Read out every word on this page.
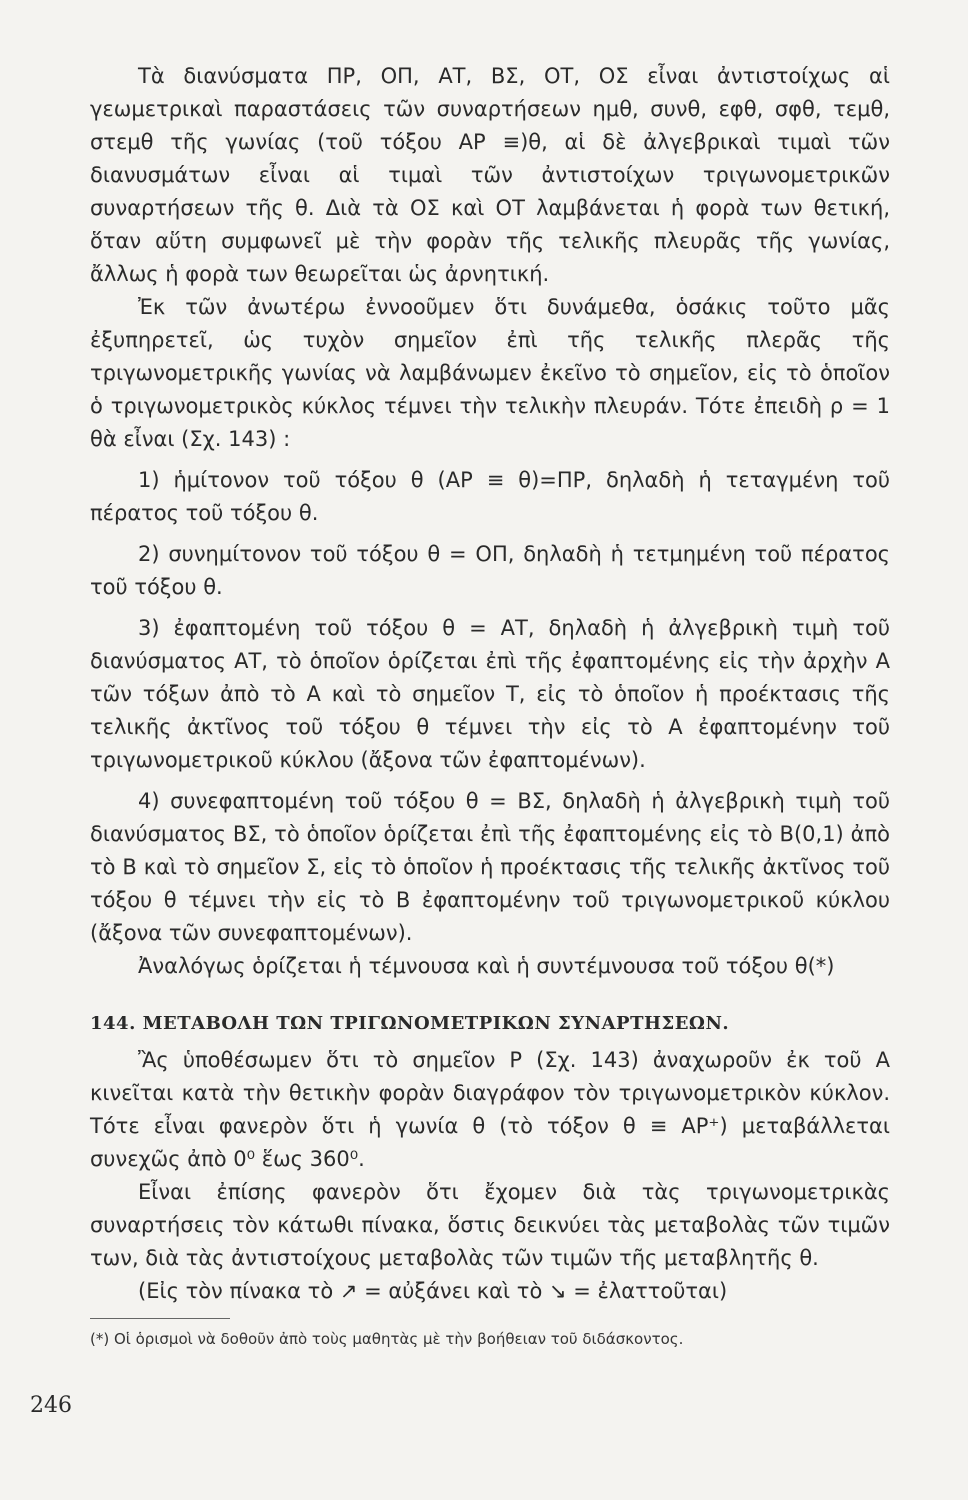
Τὰ διανύσματα ΠΡ, ΟΠ, ΑΤ, ΒΣ, ΟΤ, ΟΣ εἶναι ἀντιστοίχως αἱ γεωμετρικαὶ παραστάσεις τῶν συναρτήσεων ημθ, συνθ, εφθ, σφθ, τεμθ, στεμθ τῆς γωνίας (τοῦ τόξου ΑΡ ≡)θ, αἱ δὲ ἀλγεβρικαὶ τιμαὶ τῶν διανυσμάτων εἶναι αἱ τιμαὶ τῶν ἀντιστοίχων τριγωνομετρικῶν συναρτήσεων τῆς θ. Διὰ τὰ ΟΣ καὶ ΟΤ λαμβάνεται ἡ φορὰ των θετική, ὅταν αὕτη συμφωνεῖ μὲ τὴν φορὰν τῆς τελικῆς πλευρᾶς τῆς γωνίας, ἄλλως ἡ φορὰ των θεωρεῖται ὡς ἀρνητική.

Ἐκ τῶν ἀνωτέρω ἐννοοῦμεν ὅτι δυνάμεθα, ὁσάκις τοῦτο μᾶς ἐξυπηρετεῖ, ὡς τυχὸν σημεῖον ἐπὶ τῆς τελικῆς πλερᾶς τῆς τριγωνομετρικῆς γωνίας νὰ λαμβάνωμεν ἐκεῖνο τὸ σημεῖον, εἰς τὸ ὁποῖον ὁ τριγωνομετρικὸς κύκλος τέμνει τὴν τελικὴν πλευράν. Τότε ἐπειδὴ ρ = 1 θὰ εἶναι (Σχ. 143) :

1) ἡμίτονον τοῦ τόξου θ (ΑΡ ≡ θ)=ΠΡ, δηλαδὴ ἡ τεταγμένη τοῦ πέρατος τοῦ τόξου θ.

2) συνημίτονον τοῦ τόξου θ = ΟΠ, δηλαδὴ ἡ τετμημένη τοῦ πέρατος τοῦ τόξου θ.

3) ἐφαπτομένη τοῦ τόξου θ = ΑΤ, δηλαδὴ ἡ ἀλγεβρικὴ τιμὴ τοῦ διανύσματος ΑΤ, τὸ ὁποῖον ὁρίζεται ἐπὶ τῆς ἐφαπτομένης εἰς τὴν ἀρχὴν Α τῶν τόξων ἀπὸ τὸ Α καὶ τὸ σημεῖον Τ, εἰς τὸ ὁποῖον ἡ προέκτασις τῆς τελικῆς ἀκτῖνος τοῦ τόξου θ τέμνει τὴν εἰς τὸ Α ἐφαπτομένην τοῦ τριγωνομετρικοῦ κύκλου (ἄξονα τῶν ἐφαπτομένων).

4) συνεφαπτομένη τοῦ τόξου θ = ΒΣ, δηλαδὴ ἡ ἀλγεβρικὴ τιμὴ τοῦ διανύσματος ΒΣ, τὸ ὁποῖον ὁρίζεται ἐπὶ τῆς ἐφαπτομένης εἰς τὸ Β(0,1) ἀπὸ τὸ Β καὶ τὸ σημεῖον Σ, εἰς τὸ ὁποῖον ἡ προέκτασις τῆς τελικῆς ἀκτῖνος τοῦ τόξου θ τέμνει τὴν εἰς τὸ Β ἐφαπτομένην τοῦ τριγωνομετρικοῦ κύκλου (ἄξονα τῶν συνεφαπτομένων).

Ἀναλόγως ὁρίζεται ἡ τέμνουσα καὶ ἡ συντέμνουσα τοῦ τόξου θ(*)

144. ΜΕΤΑΒΟΛΗ ΤΩΝ ΤΡΙΓΩΝΟΜΕΤΡΙΚΩΝ ΣΥΝΑΡΤΗΣΕΩΝ.

Ἂς ὑποθέσωμεν ὅτι τὸ σημεῖον Ρ (Σχ. 143) ἀναχωροῦν ἐκ τοῦ Α κινεῖται κατὰ τὴν θετικὴν φορὰν διαγράφον τὸν τριγωνομετρικὸν κύκλον. Τότε εἶναι φανερὸν ὅτι ἡ γωνία θ (τὸ τόξον θ ≡ ΑΡ⁺) μεταβάλλεται συνεχῶς ἀπὸ 0⁰ ἕως 360⁰.

Εἶναι ἐπίσης φανερὸν ὅτι ἔχομεν διὰ τὰς τριγωνομετρικὰς συναρτήσεις τὸν κάτωθι πίνακα, ὅστις δεικνύει τὰς μεταβολὰς τῶν τιμῶν των, διὰ τὰς ἀντιστοίχους μεταβολὰς τῶν τιμῶν τῆς μεταβλητῆς θ.

(Εἰς τὸν πίνακα τὸ ↗ = αὐξάνει καὶ τὸ ↘ = ἐλαττοῦται)

(*) Οἱ ὁρισμοὶ νὰ δοθοῦν ἀπὸ τοὺς μαθητὰς μὲ τὴν βοήθειαν τοῦ διδάσκοντος.
246
